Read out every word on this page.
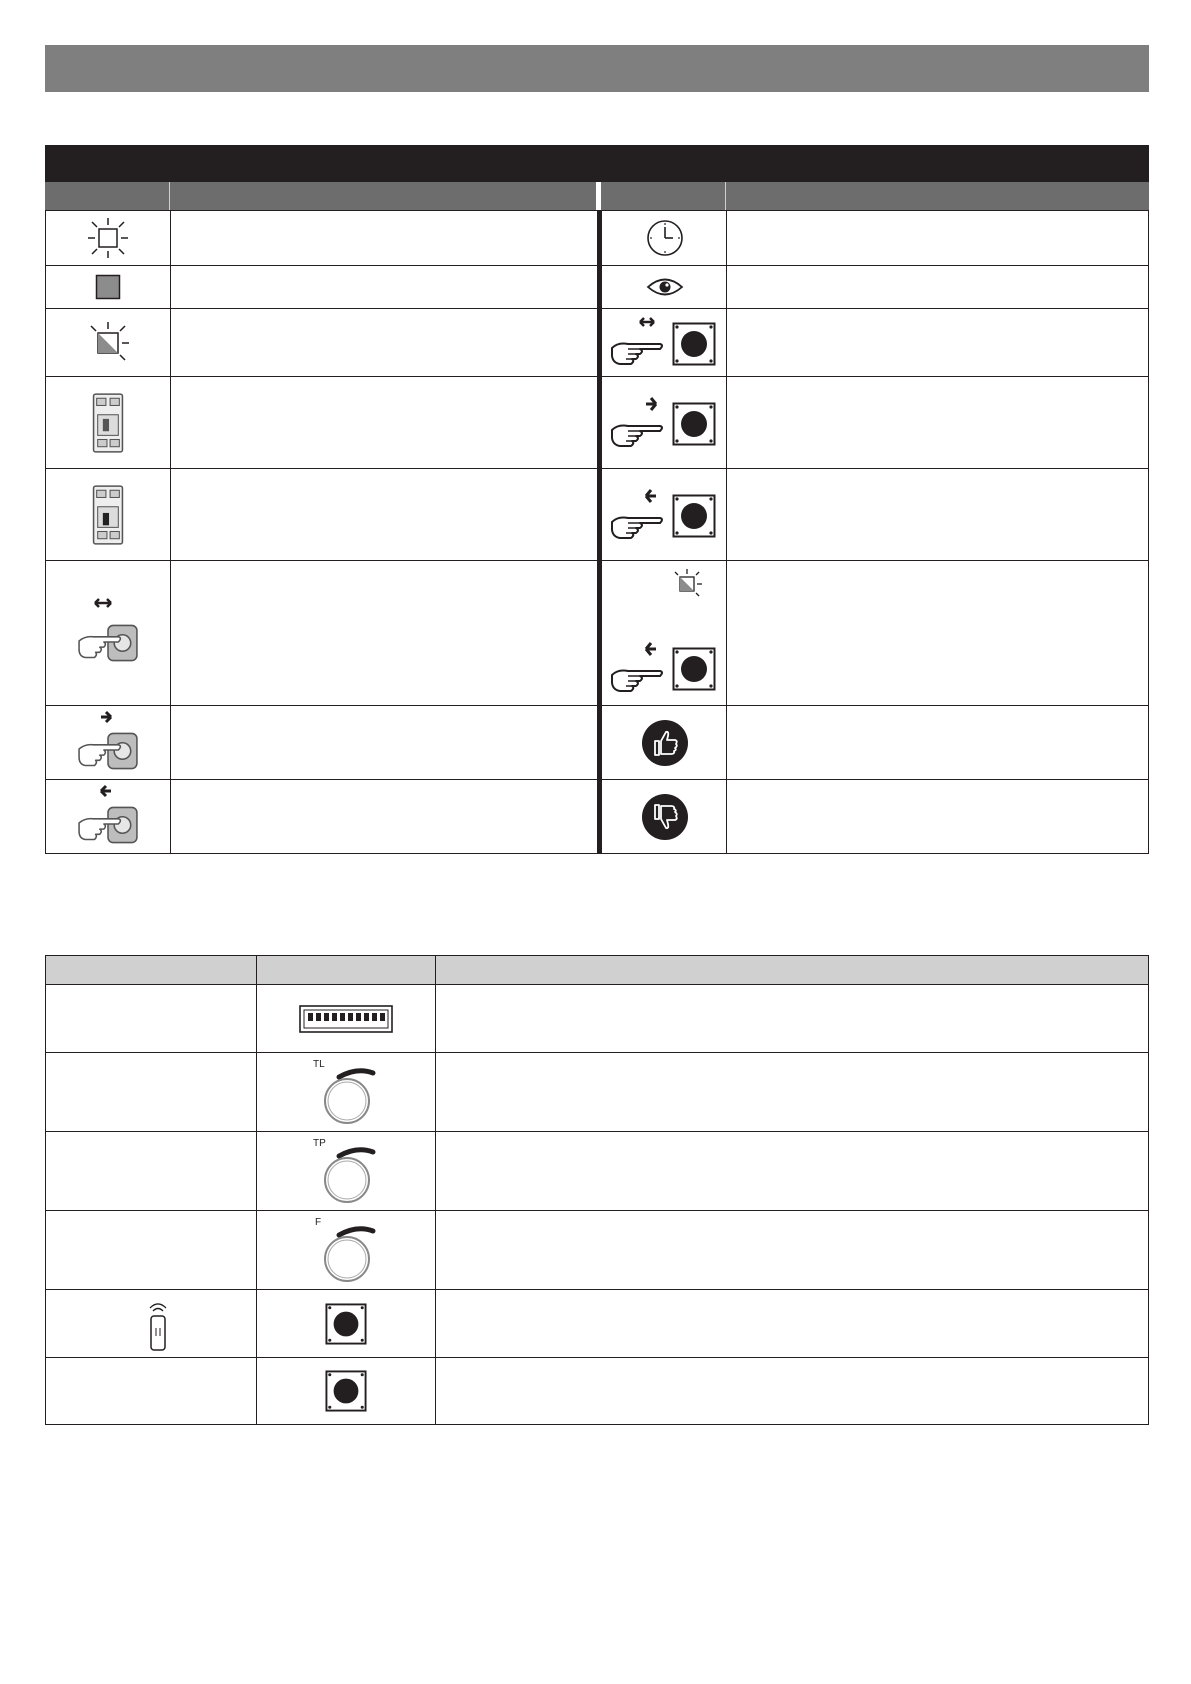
TL
TP
F
